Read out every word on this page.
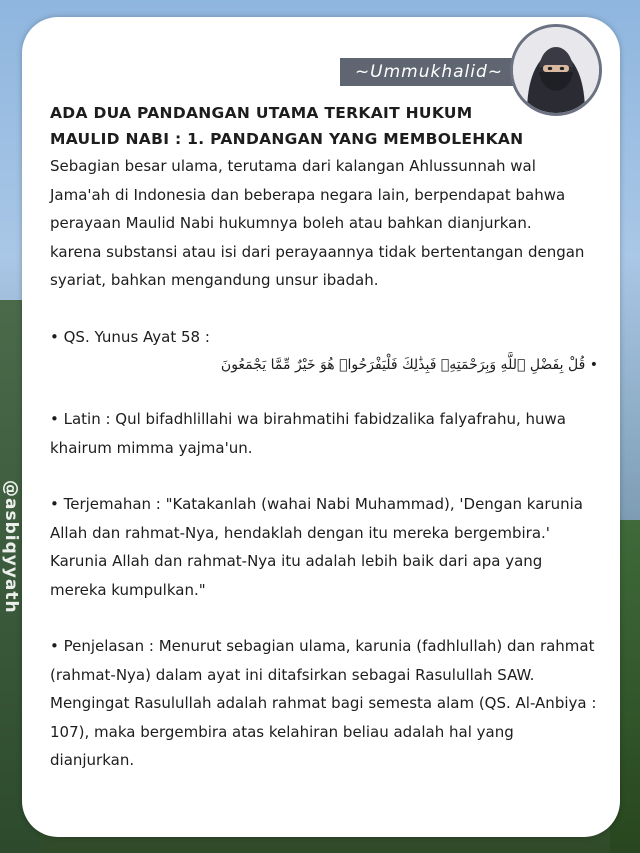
@asbiqyyath
~Ummukhalid~
ADA DUA PANDANGAN UTAMA TERKAIT HUKUM
MAULID NABI : 1. PANDANGAN YANG MEMBOLEHKAN

Sebagian besar ulama, terutama dari kalangan Ahlussunnah wal Jama'ah di Indonesia dan beberapa negara lain, berpendapat bahwa perayaan Maulid Nabi hukumnya boleh atau bahkan dianjurkan.

karena substansi atau isi dari perayaannya tidak bertentangan dengan syariat, bahkan mengandung unsur ibadah.

• QS. Yunus Ayat 58 :

• قُلْ بِفَضْلِ ٱللَّهِ وَبِرَحْمَتِهِۦ فَبِذَٰلِكَ فَلْيَفْرَحُوا۟ هُوَ خَيْرٌ مِّمَّا يَجْمَعُونَ

• Latin : Qul bifadhlillahi wa birahmatihi fabidzalika falyafrahu, huwa khairum mimma yajma'un.

• Terjemahan : "Katakanlah (wahai Nabi Muhammad), 'Dengan karunia Allah dan rahmat-Nya, hendaklah dengan itu mereka bergembira.' Karunia Allah dan rahmat-Nya itu adalah lebih baik dari apa yang mereka kumpulkan."

• Penjelasan : Menurut sebagian ulama, karunia (fadhlullah) dan rahmat (rahmat-Nya) dalam ayat ini ditafsirkan sebagai Rasulullah SAW. Mengingat Rasulullah adalah rahmat bagi semesta alam (QS. Al-Anbiya : 107), maka bergembira atas kelahiran beliau adalah hal yang dianjurkan.
